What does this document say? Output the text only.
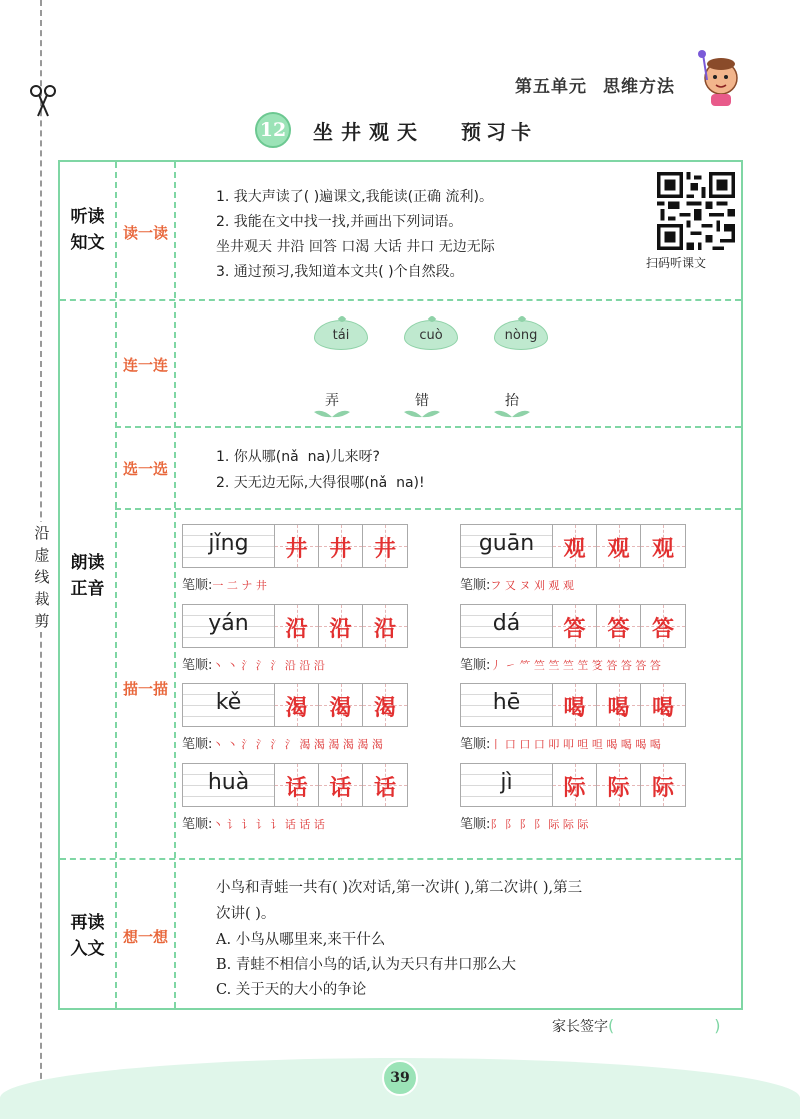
沿虚线裁剪
第五单元 思维方法
12 坐井观天 预习卡
听读
知文	读一读
1. 我大声读了( )遍课文,我能读(正确 流利)。
2. 我能在文中找一找,并画出下列词语。
坐井观天 井沿 回答 口渴 大话 井口 无边无际
3. 通过预习,我知道本文共( )个自然段。
扫码听课文
朗读
正音
连一连
tái	cuò	nòng
弄	错	抬
选一选
1. 你从哪(nǎ na)儿来呀?
2. 天无边无际,大得很哪(nǎ na)!
描一描
jǐng	井 井	井
笔顺:一 二 ナ 井
guān	观 观	观
笔顺:フ 又 ヌ 刈 观 观
yán	沿 沿	沿
笔顺:丶 丶 氵 氵 氵 沿 沿 沿
dá	答 答	答
笔顺:丿 ㇀ ⺮ 竺 竺 竺 笁 笅 答 答 答 答
kě	渴 渴	渴
笔顺:丶 丶 氵 氵 氵 氵 渴 渴 渴 渴 渴 渴
hē	喝 喝	喝
笔顺:丨 口 口 口 叩 叩 呾 呾 喝 喝 喝 喝
huà	话 话	话
笔顺:丶 讠 讠 讠 讠 话 话 话
jì	际 际	际
笔顺:阝 阝 阝 阝 际 际 际
再读
入文
想一想
小鸟和青蛙一共有( )次对话,第一次讲( ),第二次讲( ),第三
次讲( )。
A. 小鸟从哪里来,来干什么
B. 青蛙不相信小鸟的话,认为天只有井口那么大
C. 关于天的大小的争论
家长签字(	)
39
